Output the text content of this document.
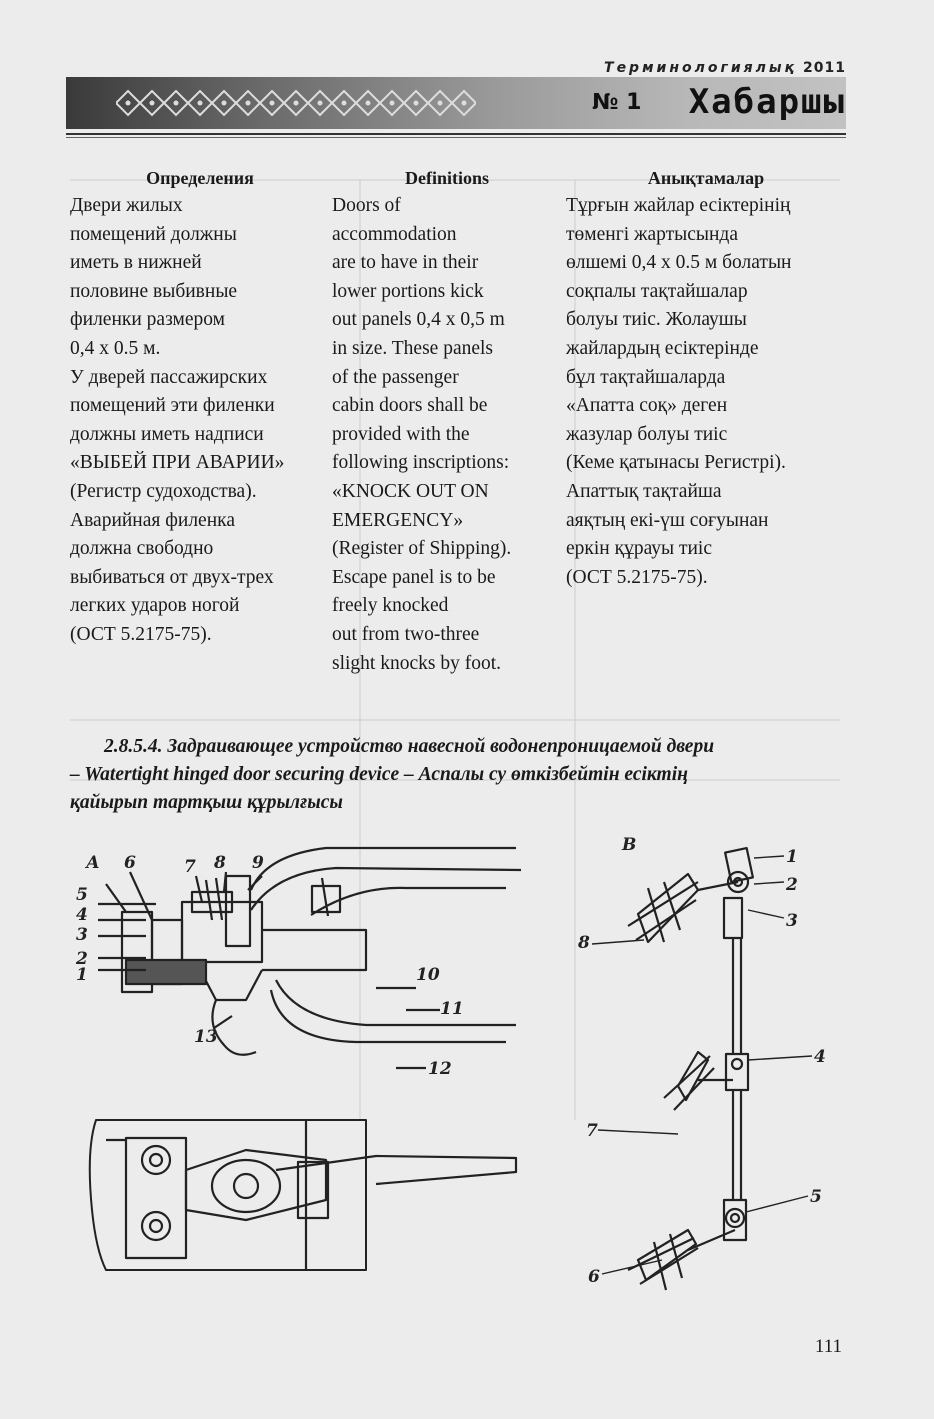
Терминологиялық 2011
№ 1 Хабаршы
Определения
Двери жилых
помещений должны
иметь в нижней
половине выбивные
филенки размером
0,4 x 0.5 м.
У дверей пассажирских
помещений эти филенки
должны иметь надписи
«ВЫБЕЙ ПРИ АВАРИИ»
(Регистр судоходства).
Аварийная филенка
должна свободно
выбиваться от двух-трех
легких ударов ногой
(ОСТ 5.2175-75).
Definitions
Doors of
accommodation
are to have in their
lower portions kick
out panels 0,4 x 0,5 m
in size. These panels
of the passenger
cabin doors shall be
provided with the
following inscriptions:
«KNOCK OUT ON
EMERGENCY»
(Register of Shipping).
Escape panel is to be
freely knocked
out from two-three
slight knocks by foot.
Анықтамалар
Тұрғын жайлар есіктерінің
төменгі жартысында
өлшемі 0,4 x 0.5 м болатын
соқпалы тақтайшалар
болуы тиіс. Жолаушы
жайлардың есіктерінде
бұл тақтайшаларда
«Апатта соқ» деген
жазулар болуы тиіс
(Кеме қатынасы Регистрі).
Апаттық тақтайша
аяқтың екі-үш соғуынан
еркін құрауы тиіс
(ОСТ 5.2175-75).
2.8.5.4. Задраивающее устройство навесной водонепроницаемой двери
– Watertight hinged door securing device – Аспалы су өткізбейтін есіктің
қайырып тартқыш құрылғысы
А 6	7 8 9
5
4
3
2
1	10
11
12
13
В
1
2
8
3
4
7
5
6
111
